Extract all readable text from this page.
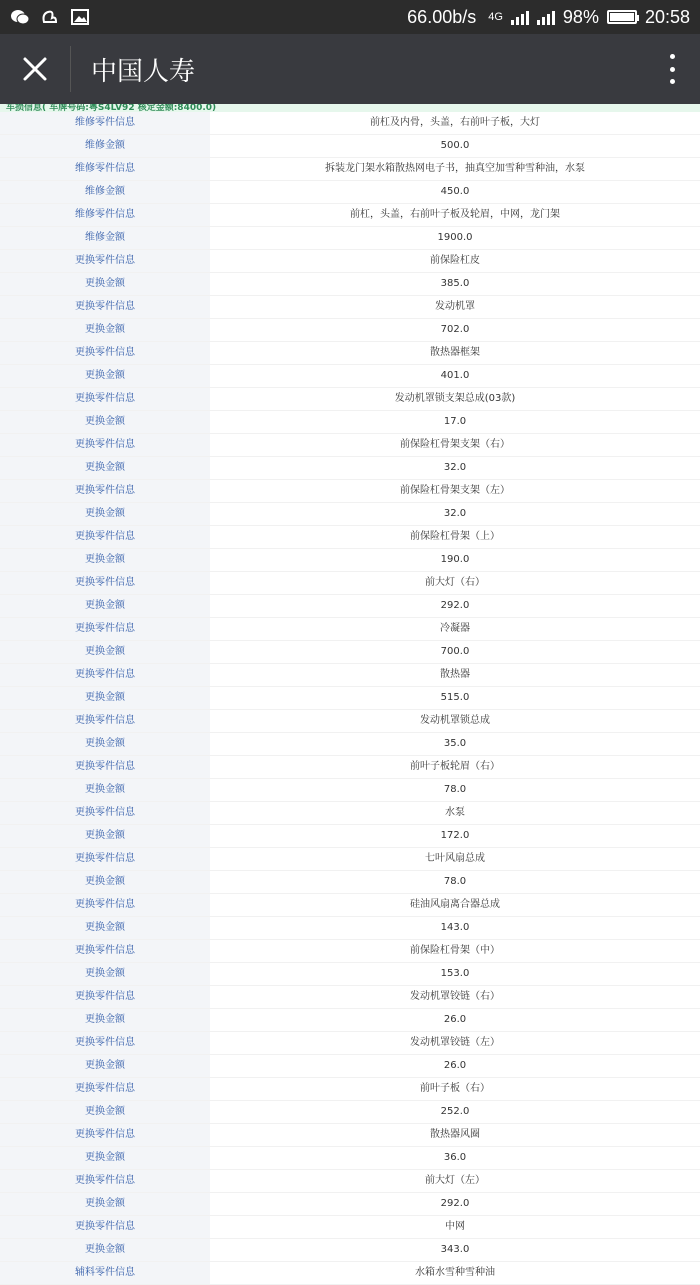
66.00b/s 4G	98%	20:58
中国人寿
车损信息( 车牌号码:粤S4LV92 核定金额:8400.0)
维修零件信息	前杠及内骨，头盖，右前叶子板，大灯
维修金额	500.0
维修零件信息	拆装龙门架水箱散热网电子书，抽真空加雪种雪种油，水泵
维修金额	450.0
维修零件信息	前杠，头盖，右前叶子板及轮眉，中网，龙门架
维修金额	1900.0
更换零件信息	前保险杠皮
更换金额	385.0
更换零件信息	发动机罩
更换金额	702.0
更换零件信息	散热器框架
更换金额	401.0
更换零件信息	发动机罩锁支架总成(03款)
更换金额	17.0
更换零件信息	前保险杠骨架支架（右）
更换金额	32.0
更换零件信息	前保险杠骨架支架（左）
更换金额	32.0
更换零件信息	前保险杠骨架（上）
更换金额	190.0
更换零件信息	前大灯（右）
更换金额	292.0
更换零件信息	冷凝器
更换金额	700.0
更换零件信息	散热器
更换金额	515.0
更换零件信息	发动机罩锁总成
更换金额	35.0
更换零件信息	前叶子板轮眉（右）
更换金额	78.0
更换零件信息	水泵
更换金额	172.0
更换零件信息	七叶风扇总成
更换金额	78.0
更换零件信息	硅油风扇离合器总成
更换金额	143.0
更换零件信息	前保险杠骨架（中）
更换金额	153.0
更换零件信息	发动机罩铰链（右）
更换金额	26.0
更换零件信息	发动机罩铰链（左）
更换金额	26.0
更换零件信息	前叶子板（右）
更换金额	252.0
更换零件信息	散热器风圈
更换金额	36.0
更换零件信息	前大灯（左）
更换金额	292.0
更换零件信息	中网
更换金额	343.0
辅料零件信息	水箱水雪种雪种油
